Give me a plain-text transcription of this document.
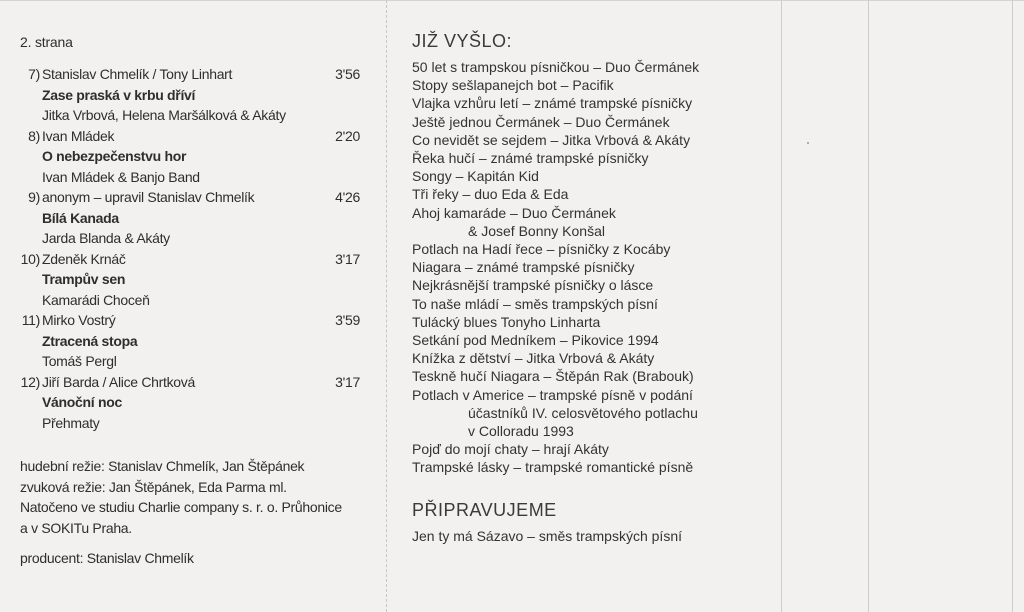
2. strana
7) Stanislav Chmelík / Tony Linhart	3'56
Zase praská v krbu dříví
Jitka Vrbová, Helena Maršálková & Akáty
8) Ivan Mládek	2'20
O nebezpečenstvu hor
Ivan Mládek & Banjo Band
9) anonym – upravil Stanislav Chmelík	4'26
Bílá Kanada
Jarda Blanda & Akáty
10) Zdeněk Krnáč	3'17
Trampův sen
Kamarádi Choceň
11) Mirko Vostrý	3'59
Ztracená stopa
Tomáš Pergl
12) Jiří Barda / Alice Chrtková	3'17
Vánoční noc
Přehmaty
hudební režie: Stanislav Chmelík, Jan Štěpánek
zvuková režie: Jan Štěpánek, Eda Parma ml.
Natočeno ve studiu Charlie company s. r. o. Průhonice
a v SOKITu Praha.
producent: Stanislav Chmelík
JIŽ VYŠLO:
50 let s trampskou písničkou – Duo Čermánek
Stopy sešlapanejch bot – Pacifik
Vlajka vzhůru letí – známé trampské písničky
Ještě jednou Čermánek – Duo Čermánek
Co nevidět se sejdem – Jitka Vrbová & Akáty
Řeka hučí – známé trampské písničky
Songy – Kapitán Kid
Tři řeky – duo Eda & Eda
Ahoj kamaráde – Duo Čermánek
& Josef Bonny Konšal
Potlach na Hadí řece – písničky z Kocáby
Niagara – známé trampské písničky
Nejkrásnější trampské písničky o lásce
To naše mládí – směs trampských písní
Tulácký blues Tonyho Linharta
Setkání pod Medníkem – Pikovice 1994
Knížka z dětství – Jitka Vrbová & Akáty
Teskně hučí Niagara – Štěpán Rak (Brabouk)
Potlach v Americe – trampské písně v podání
účastníků IV. celosvětového potlachu
v Colloradu 1993
Pojď do mojí chaty – hrají Akáty
Trampské lásky – trampské romantické písně
PŘIPRAVUJEME
Jen ty má Sázavo – směs trampských písní
